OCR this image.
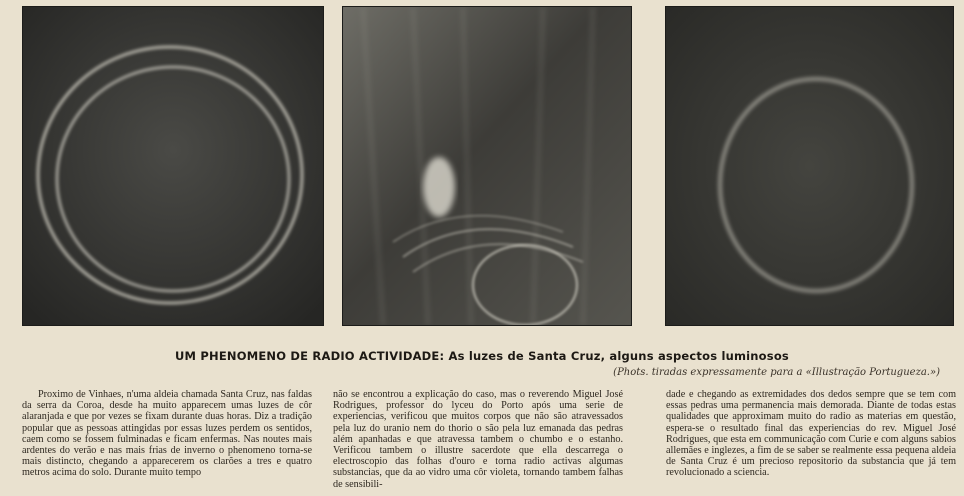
UM PHENOMENO DE RADIO ACTIVIDADE: As luzes de Santa Cruz, alguns aspectos luminosos
(Phots. tiradas expressamente para a «Illustração Portugueza.»)

Proximo de Vinhaes, n'uma aldeia chamada Santa Cruz, nas faldas da serra da Coroa, desde ha muito apparecem umas luzes de côr alaranjada e que por vezes se fixam durante duas horas. Diz a tradição popular que as pessoas attingidas por essas luzes perdem os sentidos, caem como se fossem fulminadas e ficam enfermas. Nas noutes mais ardentes do verão e nas mais frias de inverno o phenomeno torna-se mais distincto, chegando a apparecerem os clarões a tres e quatro metros acima do solo. Durante muito tempo

não se encontrou a explicação do caso, mas o reverendo Miguel José Rodrigues, professor do lyceu do Porto após uma serie de experiencias, verificou que muitos corpos que não são atravessados pela luz do uranio nem do thorio o são pela luz emanada das pedras além apanhadas e que atravessa tambem o chumbo e o estanho. Verificou tambem o illustre sacerdote que ella descarrega o electroscopio das folhas d'ouro e torna radio activas algumas substancias, que da ao vidro uma côr violeta, tornando tambem falhas de sensibili-

dade e chegando as extremidades dos dedos sempre que se tem com essas pedras uma permanencia mais demorada. Diante de todas estas qualidades que approximam muito do radio as materias em questão, espera-se o resultado final das experiencias do rev. Miguel José Rodrigues, que esta em communicação com Curie e com alguns sabios allemães e inglezes, a fim de se saber se realmente essa pequena aldeia de Santa Cruz é um precioso repositorio da substancia que já tem revolucionado a sciencia.
